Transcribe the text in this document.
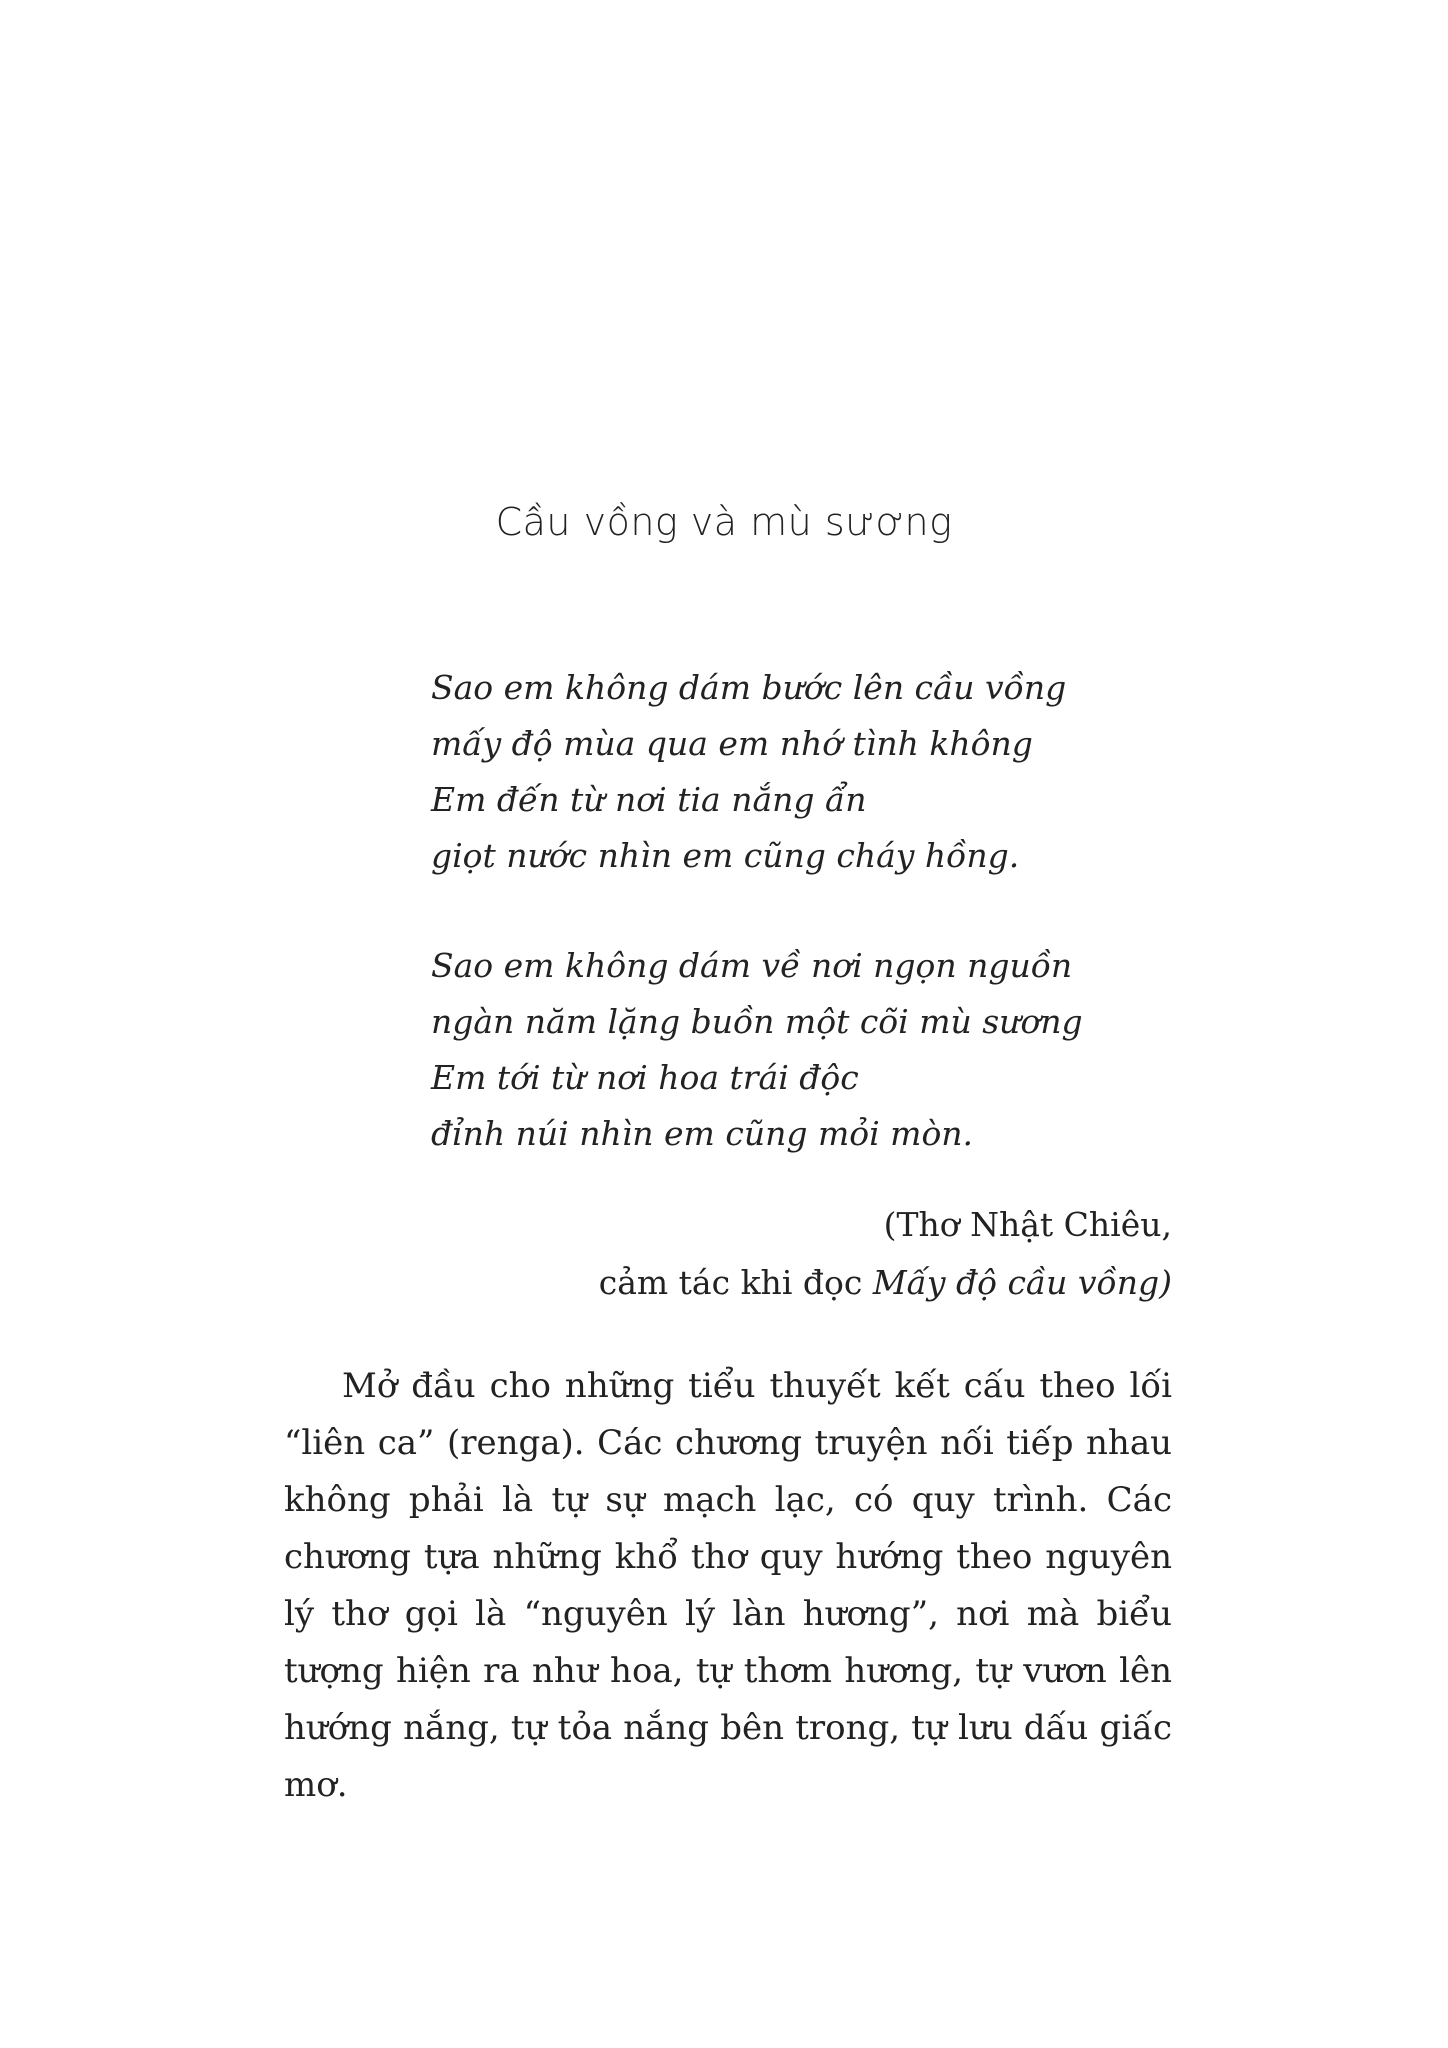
Cầu vồng và mù sương
Sao em không dám bước lên cầu vồng
mấy độ mùa qua em nhớ tình không
Em đến từ nơi tia nắng ẩn
giọt nước nhìn em cũng cháy hồng.
Sao em không dám về nơi ngọn nguồn
ngàn năm lặng buồn một cõi mù sương
Em tới từ nơi hoa trái độc
đỉnh núi nhìn em cũng mỏi mòn.
(Thơ Nhật Chiêu,
cảm tác khi đọc Mấy độ cầu vồng)

Mở đầu cho những tiểu thuyết kết cấu theo lối “liên ca” (renga). Các chương truyện nối tiếp nhau không phải là tự sự mạch lạc, có quy trình. Các chương tựa những khổ thơ quy hướng theo nguyên lý thơ gọi là “nguyên lý làn hương”, nơi mà biểu tượng hiện ra như hoa, tự thơm hương, tự vươn lên hướng nắng, tự tỏa nắng bên trong, tự lưu dấu giấc mơ.
